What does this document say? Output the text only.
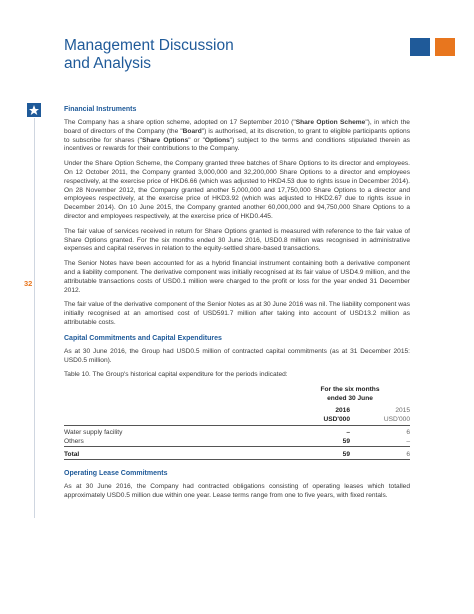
Management Discussion
and Analysis
32
Financial Instruments

The Company has a share option scheme, adopted on 17 September 2010 ("Share Option Scheme"), in which the board of directors of the Company (the "Board") is authorised, at its discretion, to grant to eligible participants options to subscribe for shares ("Share Options" or "Options") subject to the terms and conditions stipulated therein as incentives or rewards for their contributions to the Company.

Under the Share Option Scheme, the Company granted three batches of Share Options to its director and employees. On 12 October 2011, the Company granted 3,000,000 and 32,200,000 Share Options to a director and employees respectively, at the exercise price of HKD6.66 (which was adjusted to HKD4.53 due to rights issue in December 2014). On 28 November 2012, the Company granted another 5,000,000 and 17,750,000 Share Options to a director and employees respectively, at the exercise price of HKD3.92 (which was adjusted to HKD2.67 due to rights issue in December 2014). On 10 June 2015, the Company granted another 60,000,000 and 94,750,000 Share Options to a director and employees respectively, at the exercise price of HKD0.445.

The fair value of services received in return for Share Options granted is measured with reference to the fair value of Share Options granted. For the six months ended 30 June 2016, USD0.8 million was recognised in administrative expenses and capital reserves in relation to the equity-settled share-based transactions.

The Senior Notes have been accounted for as a hybrid financial instrument containing both a derivative component and a liability component. The derivative component was initially recognised at its fair value of USD4.9 million, and the attributable transactions costs of USD0.1 million were charged to the profit or loss for the year ended 31 December 2012.

The fair value of the derivative component of the Senior Notes as at 30 June 2016 was nil. The liability component was initially recognised at an amortised cost of USD591.7 million after taking into account of USD13.2 million as attributable costs.

Capital Commitments and Capital Expenditures

As at 30 June 2016, the Group had USD0.5 million of contracted capital commitments (as at 31 December 2015: USD0.5 million).

Table 10. The Group's historical capital expenditure for the periods indicated:

	For the six months
ended 30 June	

	2016	2015
	USD'000	USD'000

Water supply facility	–	6
Others	59	–

Total	59	6
Operating Lease Commitments

As at 30 June 2016, the Company had contracted obligations consisting of operating leases which totalled approximately USD0.5 million due within one year. Lease terms range from one to five years, with fixed rentals.
